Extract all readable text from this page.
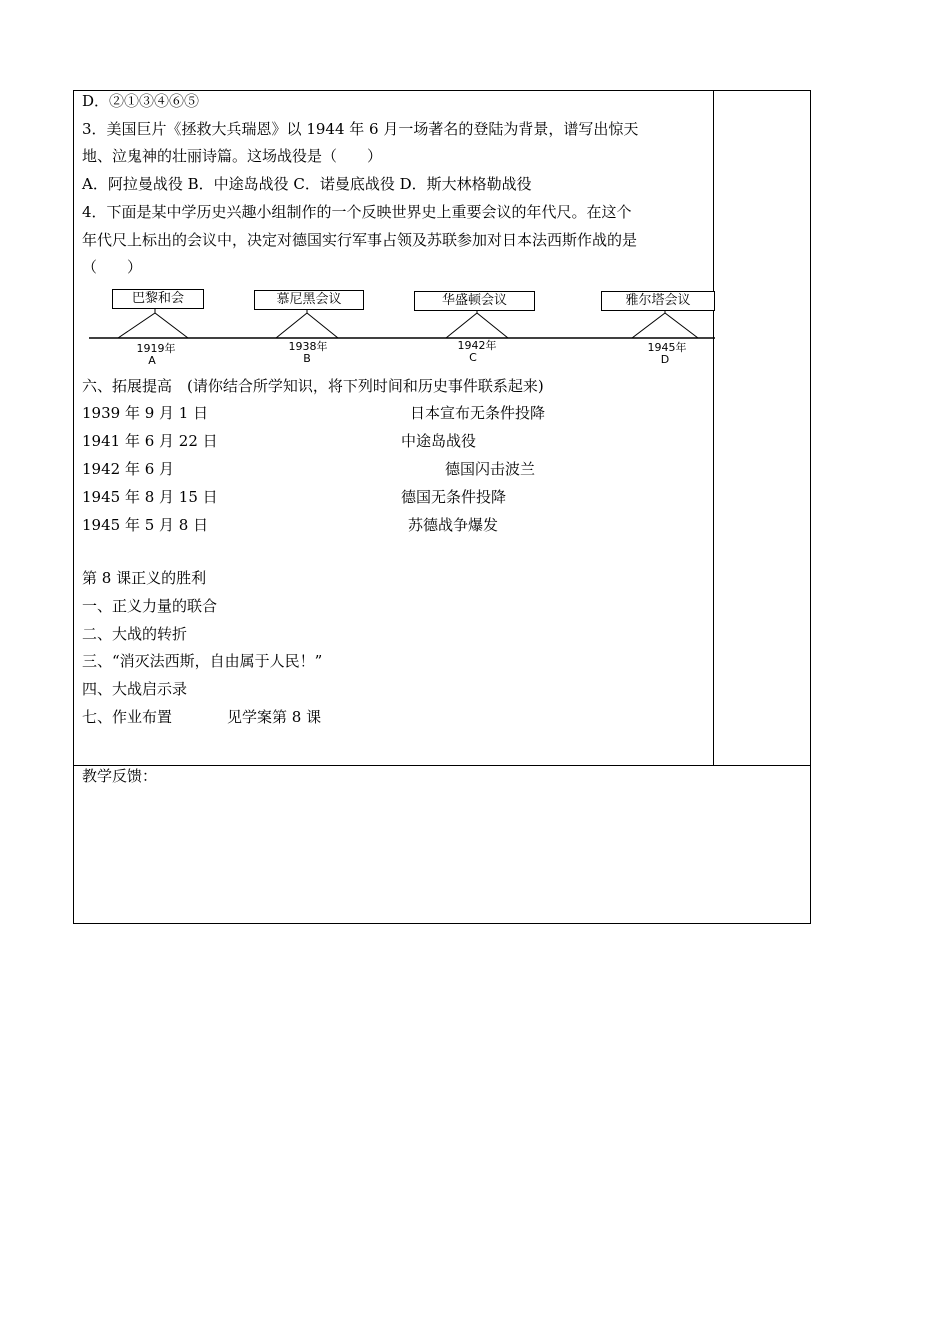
D．②①③④⑥⑤
3．美国巨片《拯救大兵瑞恩》以 1944 年 6 月一场著名的登陆为背景，谱写出惊天
地、泣鬼神的壮丽诗篇。这场战役是（　　）
A．阿拉曼战役 B．中途岛战役 C．诺曼底战役 D．斯大林格勒战役
4．下面是某中学历史兴趣小组制作的一个反映世界史上重要会议的年代尺。在这个
年代尺上标出的会议中，决定对德国实行军事占领及苏联参加对日本法西斯作战的是
（　　）
巴黎和会	慕尼黑会议	华盛顿会议	雅尔塔会议
1919年
A
1938年
B
1942年
C
1945年
D
六、拓展提高　(请你结合所学知识，将下列时间和历史事件联系起来)
1939 年 9 月 1 日	日本宣布无条件投降
1941 年 6 月 22 日	中途岛战役
1942 年 6 月	德国闪击波兰
1945 年 8 月 15 日	德国无条件投降
1945 年 5 月 8 日	苏德战争爆发
第 8 课正义的胜利
一、正义力量的联合
二、大战的转折
三、“消灭法西斯，自由属于人民！”
四、大战启示录
七、作业布置	见学案第 8 课
教学反馈：
